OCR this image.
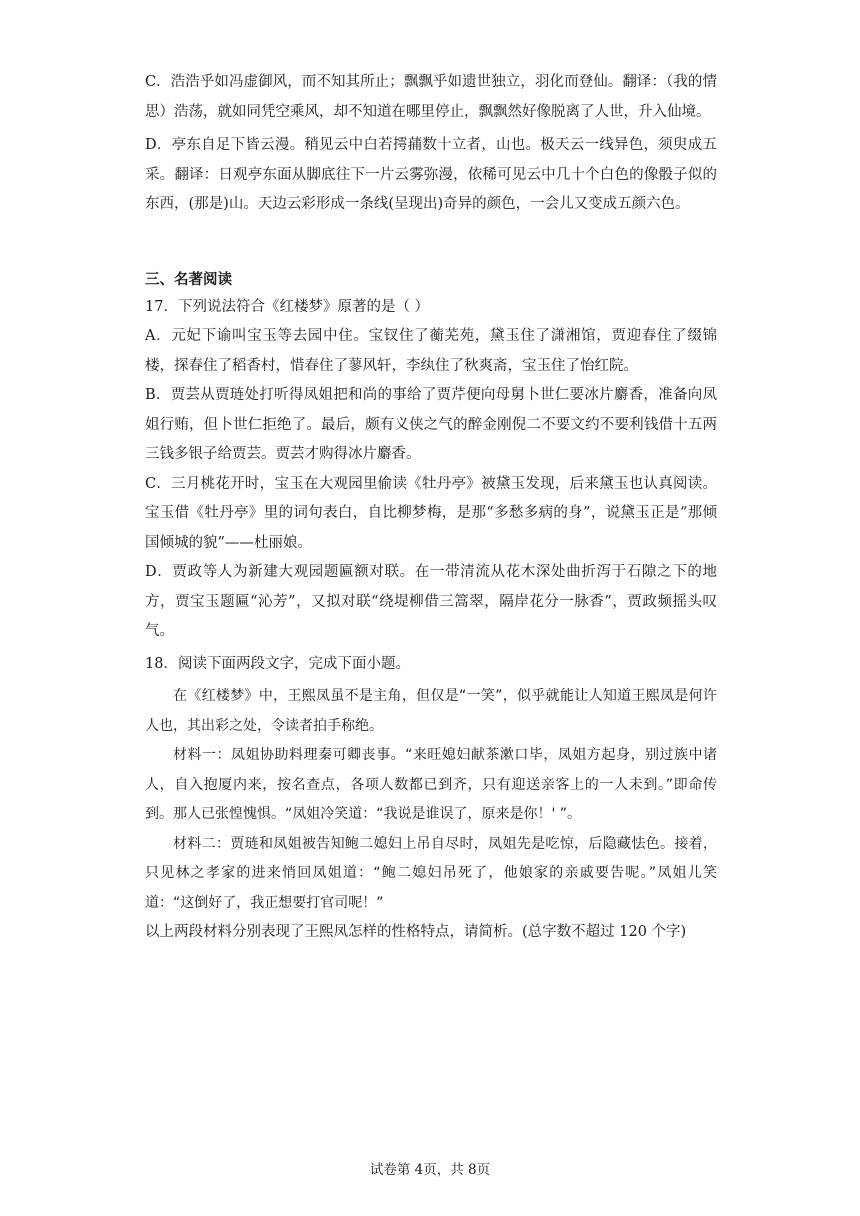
C．浩浩乎如冯虚御风，而不知其所止；飘飘乎如遗世独立，羽化而登仙。翻译：（我的情思）浩荡，就如同凭空乘风，却不知道在哪里停止，飘飘然好像脱离了人世，升入仙境。

D．亭东自足下皆云漫。稍见云中白若摴蒱数十立者，山也。极天云一线异色，须臾成五采。翻译：日观亭东面从脚底往下一片云雾弥漫，依稀可见云中几十个白色的像骰子似的东西，(那是)山。天边云彩形成一条线(呈现出)奇异的颜色，一会儿又变成五颜六色。

三、名著阅读

17．下列说法符合《红楼梦》原著的是（ ）

A．元妃下谕叫宝玉等去园中住。宝钗住了蘅芜苑，黛玉住了潇湘馆，贾迎春住了缀锦楼，探春住了稻香村，惜春住了蓼风轩，李纨住了秋爽斋，宝玉住了怡红院。

B．贾芸从贾琏处打听得凤姐把和尚的事给了贾芹便向母舅卜世仁要冰片麝香，准备向凤姐行贿，但卜世仁拒绝了。最后，颇有义侠之气的醉金刚倪二不要文约不要利钱借十五两三钱多银子给贾芸。贾芸才购得冰片麝香。

C．三月桃花开时，宝玉在大观园里偷读《牡丹亭》被黛玉发现，后来黛玉也认真阅读。宝玉借《牡丹亭》里的词句表白，自比柳梦梅，是那“多愁多病的身”，说黛玉正是“那倾国倾城的貌”——杜丽娘。

D．贾政等人为新建大观园题匾额对联。在一带清流从花木深处曲折泻于石隙之下的地方，贾宝玉题匾“沁芳”，又拟对联“绕堤柳借三篙翠，隔岸花分一脉香”，贾政频摇头叹气。

18．阅读下面两段文字，完成下面小题。

在《红楼梦》中，王熙凤虽不是主角，但仅是“一笑”，似乎就能让人知道王熙凤是何许人也，其出彩之处，令读者拍手称绝。

材料一：凤姐协助料理秦可卿丧事。“来旺媳妇献茶漱口毕，凤姐方起身，别过族中诸人，自入抱厦内来，按名查点，各项人数都已到齐，只有迎送亲客上的一人未到。”即命传到。那人已张惶愧惧。“凤姐冷笑道：“我说是谁误了，原来是你！' ”。

材料二：贾琏和凤姐被告知鲍二媳妇上吊自尽时，凤姐先是吃惊，后隐藏怯色。接着，只见林之孝家的进来悄回凤姐道：“鲍二媳妇吊死了，他娘家的亲戚要告呢。”凤姐儿笑道：“这倒好了，我正想要打官司呢！”

以上两段材料分别表现了王熙凤怎样的性格特点，请简析。(总字数不超过 120 个字)

试卷第 4页，共 8页
